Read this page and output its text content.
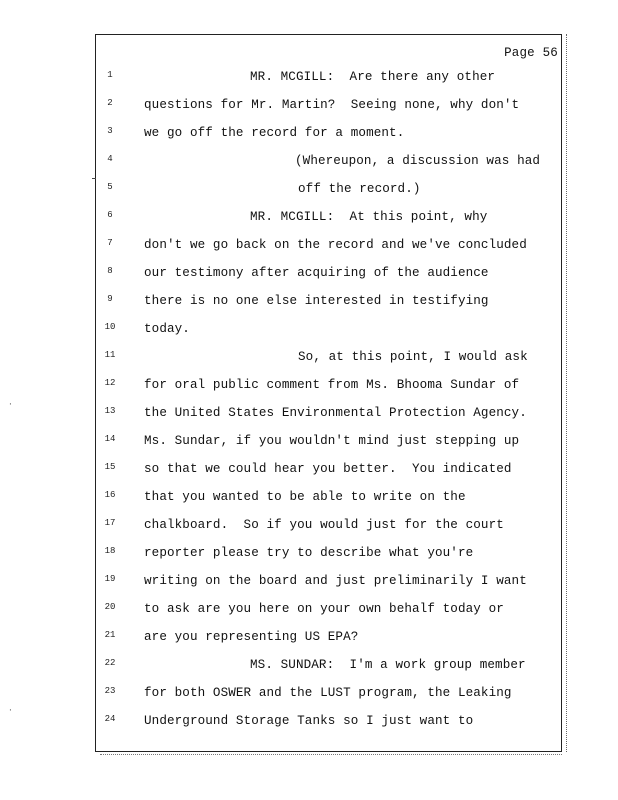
·
·
Page 56

1

	MR. MCGILL:  Are there any other

2

	questions for Mr. Martin?  Seeing none, why don't

3

	we go off the record for a moment.

4

	(Whereupon, a discussion was had

5

	off the record.)

6

	MR. MCGILL:  At this point, why

7

	don't we go back on the record and we've concluded

8

	our testimony after acquiring of the audience

9

	there is no one else interested in testifying

10

	today.

11

	So, at this point, I would ask

12

	for oral public comment from Ms. Bhooma Sundar of

13

	the United States Environmental Protection Agency.

14

	Ms. Sundar, if you wouldn't mind just stepping up

15

	so that we could hear you better.  You indicated

16

	that you wanted to be able to write on the

17

	chalkboard.  So if you would just for the court

18

	reporter please try to describe what you're

19

	writing on the board and just preliminarily I want

20

	to ask are you here on your own behalf today or

21

	are you representing US EPA?

22

	MS. SUNDAR:  I'm a work group member

23

	for both OSWER and the LUST program, the Leaking

24

	Underground Storage Tanks so I just want to
